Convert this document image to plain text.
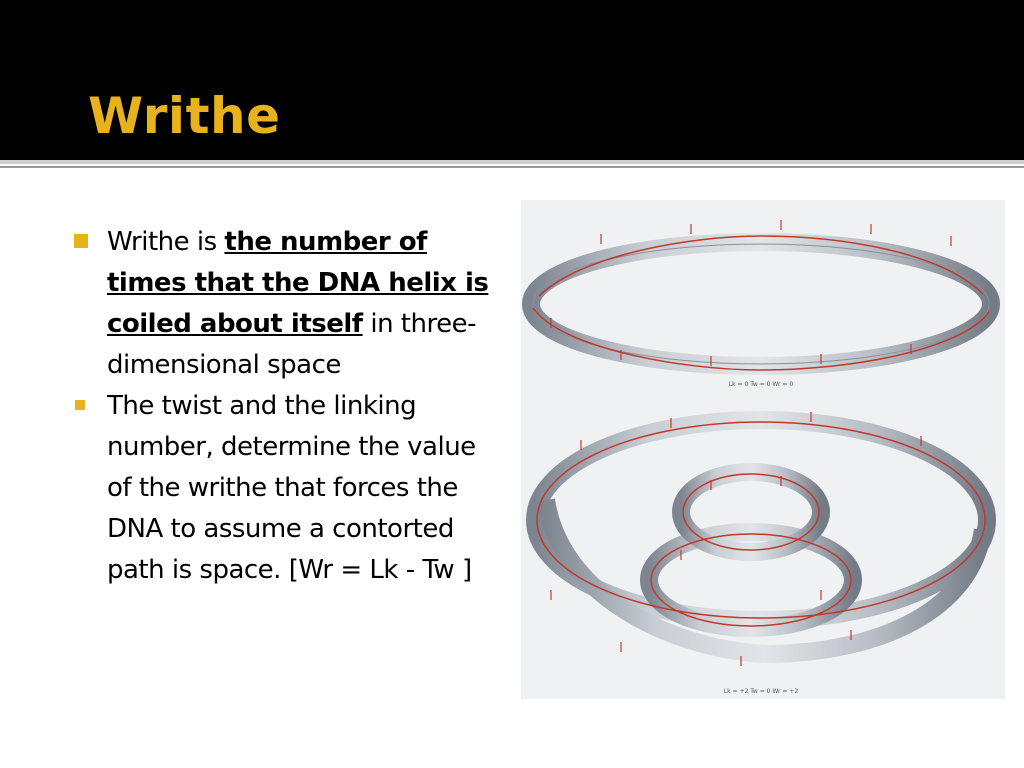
Writhe
Writhe is the number of times that the DNA helix is coiled about itself in three-dimensional space
The twist and the linking number, determine the value of the writhe that forces the DNA to assume a contorted path is space. [Wr = Lk - Tw ]
Lk = 0 Tw = 0 Wr = 0
Lk = +2 Tw = 0 Wr = +2
